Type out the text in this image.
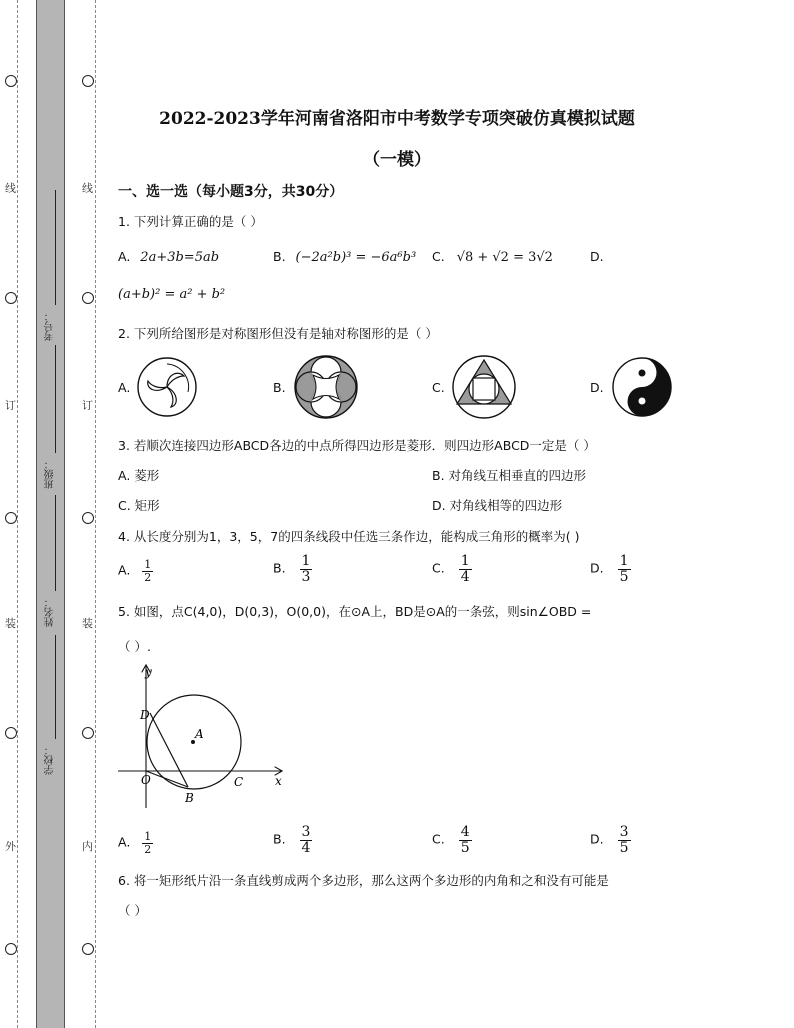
线
订
装
外
线
订
装
内
考号：
班级：
姓名：
学校：
2022-2023学年河南省洛阳市中考数学专项突破仿真模拟试题
（一模）
一、选一选（每小题3分，共30分）
1. 下列计算正确的是（ ）
A. 2a+3b=5ab	B. (−2a²b)³ = −6a⁶b³ C. √8 + √2 = 3√2	D.
(a+b)² = a² + b²
2. 下列所给图形是对称图形但没有是轴对称图形的是（ ）
A.	B.	C.	D.
3. 若顺次连接四边形ABCD各边的中点所得四边形是菱形．则四边形ABCD一定是（ ）
A. 菱形	B. 对角线互相垂直的四边形
C. 矩形	D. 对角线相等的四边形
4. 从长度分别为1，3，5，7的四条线段中任选三条作边，能构成三角形的概率为( )
A. $\frac{1}{2}$	B. $\frac{1}{3}$	C. $\frac{1}{4}$	D. $\frac{1}{5}$
5. 如图，点C(4,0)，D(0,3)，O(0,0)，在⊙A上，BD是⊙A的一条弦，则sin∠OBD =
（ ）.
y
x
D
A
O
B
C
A. $\frac{1}{2}$	B. $\frac{3}{4}$	C. $\frac{4}{5}$	D. $\frac{3}{5}$
6. 将一矩形纸片沿一条直线剪成两个多边形，那么这两个多边形的内角和之和没有可能是
（ ）
